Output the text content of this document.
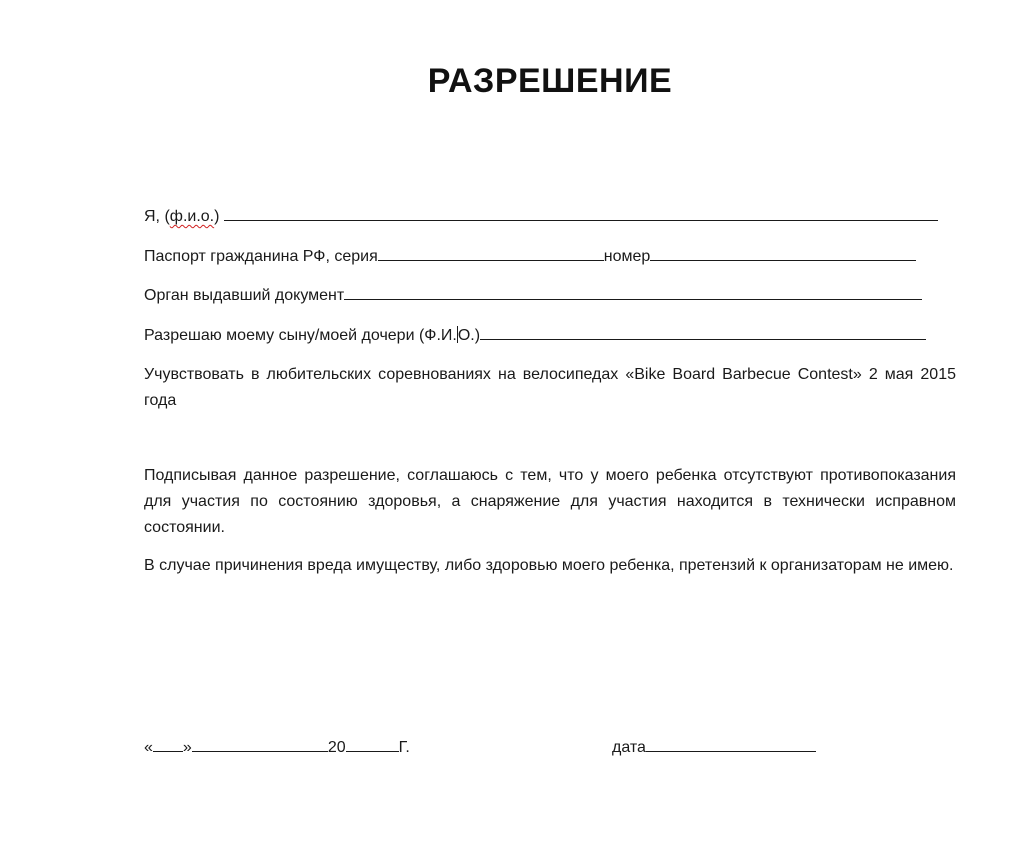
РАЗРЕШЕНИЕ
Я, (ф.и.о.)
Паспорт гражданина РФ, серия	номер
Орган выдавший документ
Разрешаю моему сыну/моей дочери (Ф.И.О.)
Учувствовать в любительских соревнованиях на велосипедах «Bike Board Barbecue Contest» 2 мая 2015 года
Подписывая данное разрешение, соглашаюсь с тем, что у моего ребенка отсутствуют противопоказания для участия по состоянию здоровья, а снаряжение для участия находится в технически исправном состоянии.
В случае причинения вреда имуществу, либо здоровью моего ребенка, претензий к организаторам не имею.
« »	20	Г.	дата
